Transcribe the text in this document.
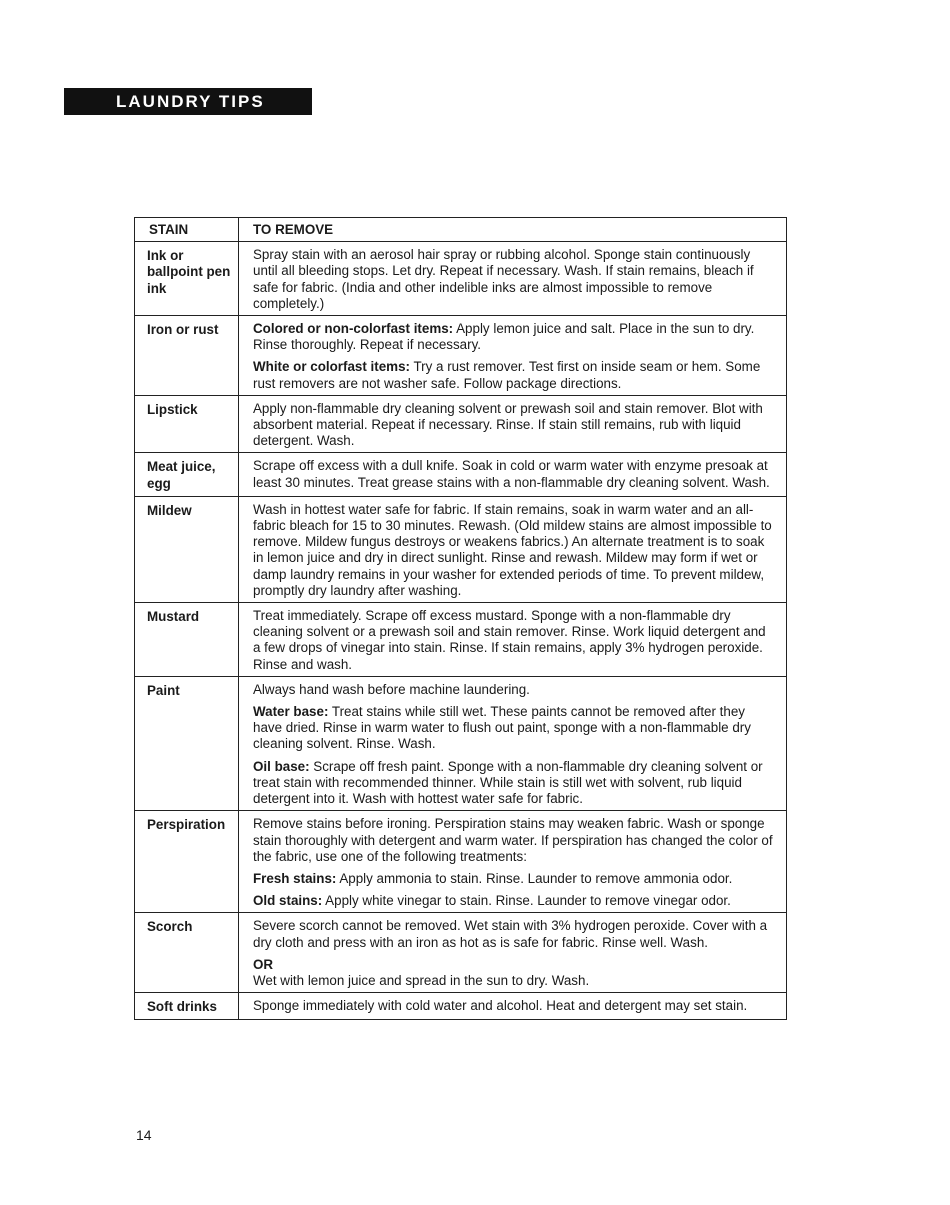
LAUNDRY TIPS
STAIN	TO REMOVE
Ink or ballpoint pen ink	Spray stain with an aerosol hair spray or rubbing alcohol. Sponge stain continuously until all bleeding stops. Let dry. Repeat if necessary. Wash. If stain remains, bleach if safe for fabric. (India and other indelible inks are almost impossible to remove completely.)

Iron or rust	Colored or non-colorfast items: Apply lemon juice and salt. Place in the sun to dry. Rinse thoroughly. Repeat if necessary.

White or colorfast items: Try a rust remover. Test first on inside seam or hem. Some rust removers are not washer safe. Follow package directions.

Lipstick	Apply non-flammable dry cleaning solvent or prewash soil and stain remover. Blot with absorbent material. Repeat if necessary. Rinse. If stain still remains, rub with liquid detergent. Wash.

Meat juice, egg	Scrape off excess with a dull knife. Soak in cold or warm water with enzyme presoak at least 30 minutes. Treat grease stains with a non-flammable dry cleaning solvent. Wash.

Mildew	Wash in hottest water safe for fabric. If stain remains, soak in warm water and an all-fabric bleach for 15 to 30 minutes. Rewash. (Old mildew stains are almost impossible to remove. Mildew fungus destroys or weakens fabrics.) An alternate treatment is to soak in lemon juice and dry in direct sunlight. Rinse and rewash. Mildew may form if wet or damp laundry remains in your washer for extended periods of time. To prevent mildew, promptly dry laundry after washing.

Mustard	Treat immediately. Scrape off excess mustard. Sponge with a non-flammable dry cleaning solvent or a prewash soil and stain remover. Rinse. Work liquid detergent and a few drops of vinegar into stain. Rinse. If stain remains, apply 3% hydrogen peroxide. Rinse and wash.

Paint	Always hand wash before machine laundering.

Water base: Treat stains while still wet. These paints cannot be removed after they have dried. Rinse in warm water to flush out paint, sponge with a non-flammable dry cleaning solvent. Rinse. Wash.

Oil base: Scrape off fresh paint. Sponge with a non-flammable dry cleaning solvent or treat stain with recommended thinner. While stain is still wet with solvent, rub liquid detergent into it. Wash with hottest water safe for fabric.

Perspiration	Remove stains before ironing. Perspiration stains may weaken fabric. Wash or sponge stain thoroughly with detergent and warm water. If perspiration has changed the color of the fabric, use one of the following treatments:

Fresh stains: Apply ammonia to stain. Rinse. Launder to remove ammonia odor.

Old stains: Apply white vinegar to stain. Rinse. Launder to remove vinegar odor.

Scorch	Severe scorch cannot be removed. Wet stain with 3% hydrogen peroxide. Cover with a dry cloth and press with an iron as hot as is safe for fabric. Rinse well. Wash.

OR
Wet with lemon juice and spread in the sun to dry. Wash.

Soft drinks	Sponge immediately with cold water and alcohol. Heat and detergent may set stain.

14
